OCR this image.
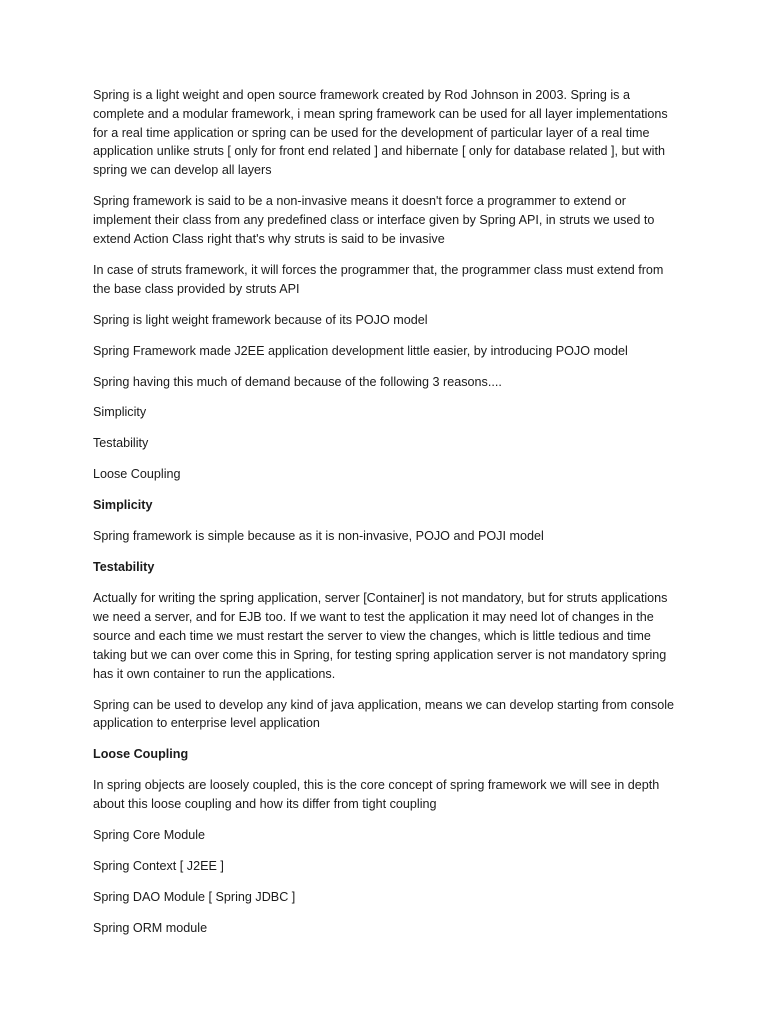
Spring is a light weight and open source framework created by Rod Johnson in 2003. Spring is a complete and a modular framework, i mean spring framework can be used for all layer implementations for a real time application or spring can be used for the development of particular layer of a real time application unlike struts [ only for front end related ] and hibernate [ only for database related ], but with spring we can develop all layers

Spring framework is said to be a non-invasive means it doesn't force a programmer to extend or implement their class from any predefined class or interface given by Spring API, in struts we used to extend Action Class right that's why struts is said to be invasive

In case of struts framework, it will forces the programmer that, the programmer class must extend from the base class provided by struts API

Spring is light weight framework because of its POJO model

Spring Framework made J2EE application development little easier, by introducing POJO model

Spring having this much of demand because of the following 3 reasons....

Simplicity

Testability

Loose Coupling

Simplicity

Spring framework is simple because as it is non-invasive, POJO and POJI model

Testability

Actually for writing the spring application, server [Container] is not mandatory, but for struts applications we need a server, and for EJB too. If we want to test the application it may need lot of changes in the source and each time we must restart the server to view the changes, which is little tedious and time taking but we can over come this in Spring, for testing spring application server is not mandatory spring has it own container to run the applications.

Spring can be used to develop any kind of java application, means we can develop starting from console application to enterprise level application

Loose Coupling

In spring objects are loosely coupled, this is the core concept of spring framework we will see in depth about this loose coupling and how its differ from tight coupling

Spring Core Module

Spring Context [ J2EE ]

Spring DAO Module [ Spring JDBC ]

Spring ORM module
